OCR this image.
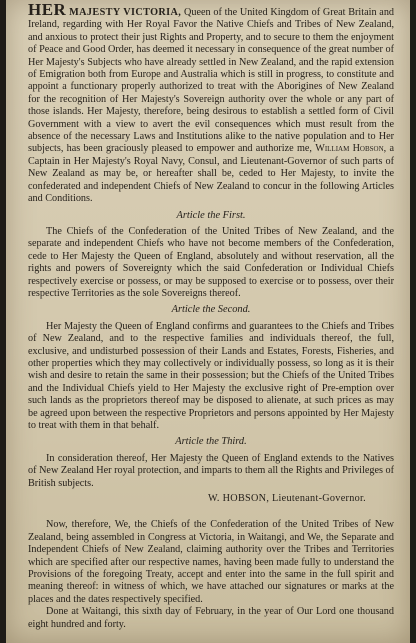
HER MAJESTY VICTORIA, Queen of the United Kingdom of Great Britain and Ireland, regarding with Her Royal Favor the Native Chiefs and Tribes of New Zealand, and anxious to protect their just Rights and Property, and to secure to them the enjoyment of Peace and Good Order, has deemed it necessary in consequence of the great number of Her Majesty's Subjects who have already settled in New Zealand, and the rapid extension of Emigration both from Europe and Australia which is still in progress, to constitute and appoint a functionary properly authorized to treat with the Aborigines of New Zealand for the recognition of Her Majesty's Sovereign authority over the whole or any part of those islands. Her Majesty, therefore, being desirous to establish a settled form of Civil Government with a view to avert the evil consequences which must result from the absence of the necessary Laws and Institutions alike to the native population and to Her subjects, has been graciously pleased to empower and authorize me, William Hobson, a Captain in Her Majesty's Royal Navy, Consul, and Lieutenant-Governor of such parts of New Zealand as may be, or hereafter shall be, ceded to Her Majesty, to invite the confederated and independent Chiefs of New Zealand to concur in the following Articles and Conditions.

Article the First.

The Chiefs of the Confederation of the United Tribes of New Zealand, and the separate and independent Chiefs who have not become members of the Confederation, cede to Her Majesty the Queen of England, absolutely and without reservation, all the rights and powers of Sovereignty which the said Confederation or Individual Chiefs respectively exercise or possess, or may be supposed to exercise or to possess, over their respective Territories as the sole Sovereigns thereof.

Article the Second.

Her Majesty the Queen of England confirms and guarantees to the Chiefs and Tribes of New Zealand, and to the respective families and individuals thereof, the full, exclusive, and undisturbed possession of their Lands and Estates, Forests, Fisheries, and other properties which they may collectively or individually possess, so long as it is their wish and desire to retain the same in their possession; but the Chiefs of the United Tribes and the Individual Chiefs yield to Her Majesty the exclusive right of Pre-emption over such lands as the proprietors thereof may be disposed to alienate, at such prices as may be agreed upon between the respective Proprietors and persons appointed by Her Majesty to treat with them in that behalf.

Article the Third.

In consideration thereof, Her Majesty the Queen of England extends to the Natives of New Zealand Her royal protection, and imparts to them all the Rights and Privileges of British subjects.

W. HOBSON, Lieutenant-Governor.

Now, therefore, We, the Chiefs of the Confederation of the United Tribes of New Zealand, being assembled in Congress at Victoria, in Waitangi, and We, the Separate and Independent Chiefs of New Zealand, claiming authority over the Tribes and Territories which are specified after our respective names, having been made fully to understand the Provisions of the foregoing Treaty, accept and enter into the same in the full spirit and meaning thereof: in witness of which, we have attached our signatures or marks at the places and the dates respectively specified.

Done at Waitangi, this sixth day of February, in the year of Our Lord one thousand eight hundred and forty.
